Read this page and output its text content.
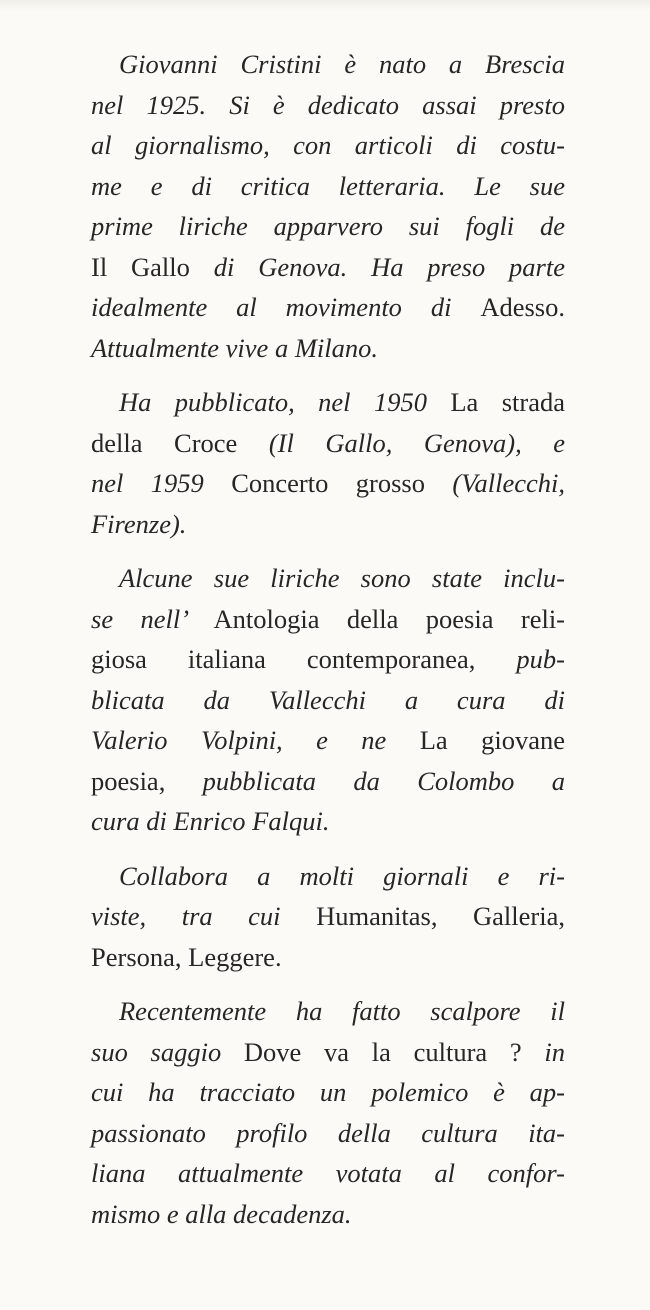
Giovanni Cristini è nato a Brescia

nel 1925. Si è dedicato assai presto

al giornalismo, con articoli di costu-

me e di critica letteraria. Le sue

prime liriche apparvero sui fogli de

Il Gallo di Genova. Ha preso parte

idealmente al movimento di Adesso.

Attualmente vive a Milano.

Ha pubblicato, nel 1950 La strada

della Croce (Il Gallo, Genova), e

nel 1959 Concerto grosso (Vallecchi,

Firenze).

Alcune sue liriche sono state inclu-

se nell’ Antologia della poesia reli-

giosa italiana contemporanea, pub-

blicata da Vallecchi a cura di

Valerio Volpini, e ne La giovane

poesia, pubblicata da Colombo a

cura di Enrico Falqui.

Collabora a molti giornali e ri-

viste, tra cui Humanitas, Galleria,

Persona, Leggere.

Recentemente ha fatto scalpore il

suo saggio Dove va la cultura ? in

cui ha tracciato un polemico è ap-

passionato profilo della cultura ita-

liana attualmente votata al confor-

mismo e alla decadenza.
